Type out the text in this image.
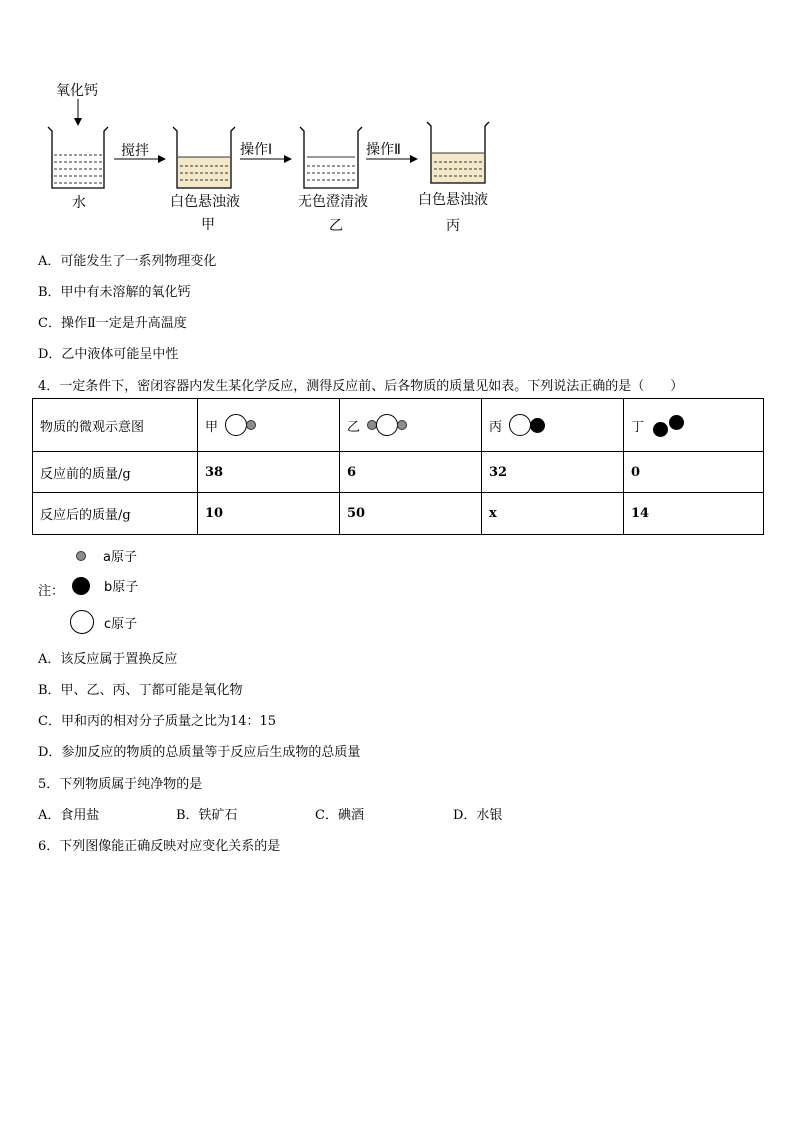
氧化钙
搅拌	操作Ⅰ	操作Ⅱ
水	白色悬浊液
甲
无色澄清液
乙
白色悬浊液
丙
A．可能发生了一系列物理变化
B．甲中有未溶解的氧化钙
C．操作Ⅱ一定是升高温度
D．乙中液体可能呈中性
4．一定条件下，密闭容器内发生某化学反应，测得反应前、后各物质的质量见如表。下列说法正确的是（　　）
物质的微观示意图	甲	乙	丙	丁

反应前的质量/g	38	6	32	0
反应后的质量/g	10	50	x	14
a原子
注：	b原子
c原子
A．该反应属于置换反应
B．甲、乙、丙、丁都可能是氧化物
C．甲和丙的相对分子质量之比为14：15
D．参加反应的物质的总质量等于反应后生成物的总质量
5．下列物质属于纯净物的是
A．食用盐	B．铁矿石	C．碘酒	D．水银
6．下列图像能正确反映对应变化关系的是
